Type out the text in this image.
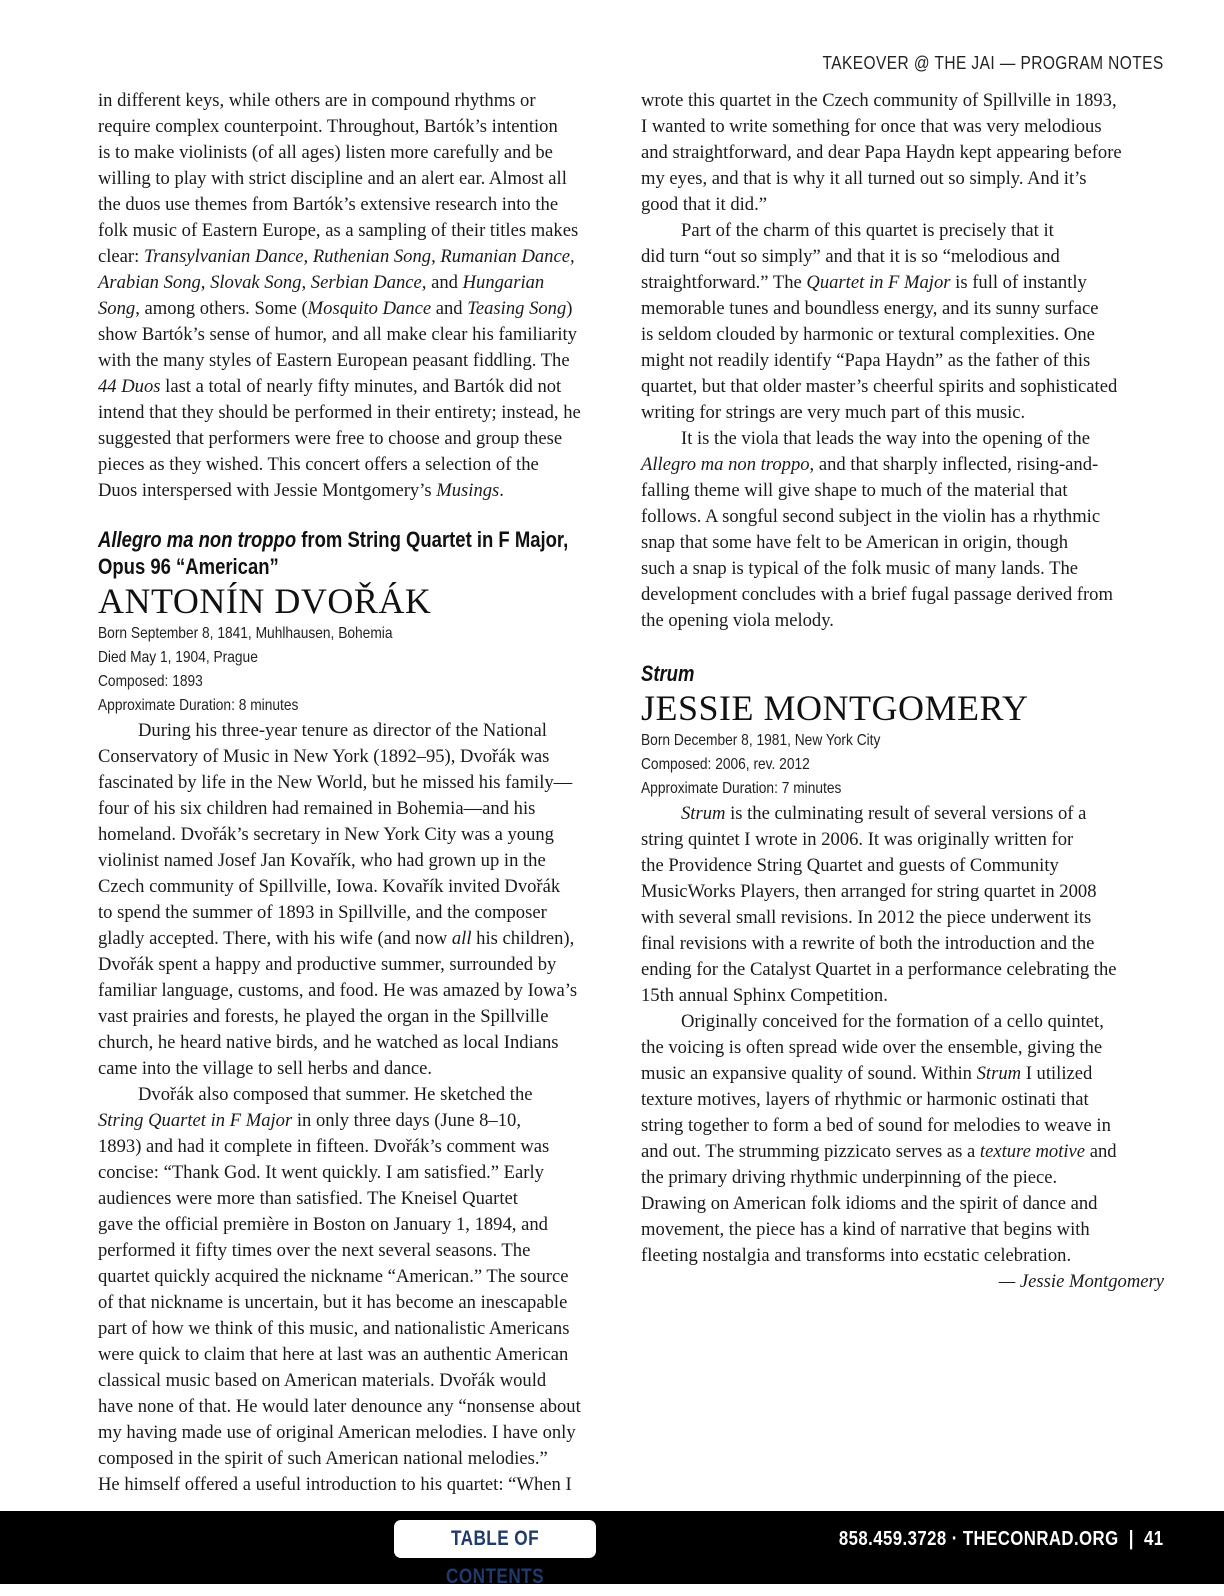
TAKEOVER @ THE JAI — PROGRAM NOTES

in different keys, while others are in compound rhythms or
require complex counterpoint. Throughout, Bartók’s intention
is to make violinists (of all ages) listen more carefully and be
willing to play with strict discipline and an alert ear. Almost all
the duos use themes from Bartók’s extensive research into the
folk music of Eastern Europe, as a sampling of their titles makes
clear: Transylvanian Dance, Ruthenian Song, Rumanian Dance,
Arabian Song, Slovak Song, Serbian Dance, and Hungarian
Song, among others. Some (Mosquito Dance and Teasing Song)
show Bartók’s sense of humor, and all make clear his familiarity
with the many styles of Eastern European peasant fiddling. The
44 Duos last a total of nearly fifty minutes, and Bartók did not
intend that they should be performed in their entirety; instead, he
suggested that performers were free to choose and group these
pieces as they wished. This concert offers a selection of the
Duos interspersed with Jessie Montgomery’s Musings.

Allegro ma non troppo from String Quartet in F Major,
Opus 96 “American”
ANTONÍN DVOŘÁK
Born September 8, 1841, Muhlhausen, Bohemia
Died May 1, 1904, Prague
Composed: 1893
Approximate Duration: 8 minutes

During his three-year tenure as director of the National
Conservatory of Music in New York (1892–95), Dvořák was
fascinated by life in the New World, but he missed his family—
four of his six children had remained in Bohemia—and his
homeland. Dvořák’s secretary in New York City was a young
violinist named Josef Jan Kovařík, who had grown up in the
Czech community of Spillville, Iowa. Kovařík invited Dvořák
to spend the summer of 1893 in Spillville, and the composer
gladly accepted. There, with his wife (and now all his children),
Dvořák spent a happy and productive summer, surrounded by
familiar language, customs, and food. He was amazed by Iowa’s
vast prairies and forests, he played the organ in the Spillville
church, he heard native birds, and he watched as local Indians
came into the village to sell herbs and dance.

Dvořák also composed that summer. He sketched the
String Quartet in F Major in only three days (June 8–10,
1893) and had it complete in fifteen. Dvořák’s comment was
concise: “Thank God. It went quickly. I am satisfied.” Early
audiences were more than satisfied. The Kneisel Quartet
gave the official première in Boston on January 1, 1894, and
performed it fifty times over the next several seasons. The
quartet quickly acquired the nickname “American.” The source
of that nickname is uncertain, but it has become an inescapable
part of how we think of this music, and nationalistic Americans
were quick to claim that here at last was an authentic American
classical music based on American materials. Dvořák would
have none of that. He would later denounce any “nonsense about
my having made use of original American melodies. I have only
composed in the spirit of such American national melodies.”
He himself offered a useful introduction to his quartet: “When I

wrote this quartet in the Czech community of Spillville in 1893,
I wanted to write something for once that was very melodious
and straightforward, and dear Papa Haydn kept appearing before
my eyes, and that is why it all turned out so simply. And it’s
good that it did.”

Part of the charm of this quartet is precisely that it
did turn “out so simply” and that it is so “melodious and
straightforward.” The Quartet in F Major is full of instantly
memorable tunes and boundless energy, and its sunny surface
is seldom clouded by harmonic or textural complexities. One
might not readily identify “Papa Haydn” as the father of this
quartet, but that older master’s cheerful spirits and sophisticated
writing for strings are very much part of this music.

It is the viola that leads the way into the opening of the
Allegro ma non troppo, and that sharply inflected, rising-and-
falling theme will give shape to much of the material that
follows. A songful second subject in the violin has a rhythmic
snap that some have felt to be American in origin, though
such a snap is typical of the folk music of many lands. The
development concludes with a brief fugal passage derived from
the opening viola melody.

Strum
JESSIE MONTGOMERY
Born December 8, 1981, New York City
Composed: 2006, rev. 2012
Approximate Duration: 7 minutes

Strum is the culminating result of several versions of a
string quintet I wrote in 2006. It was originally written for
the Providence String Quartet and guests of Community
MusicWorks Players, then arranged for string quartet in 2008
with several small revisions. In 2012 the piece underwent its
final revisions with a rewrite of both the introduction and the
ending for the Catalyst Quartet in a performance celebrating the
15th annual Sphinx Competition.

Originally conceived for the formation of a cello quintet,
the voicing is often spread wide over the ensemble, giving the
music an expansive quality of sound. Within Strum I utilized
texture motives, layers of rhythmic or harmonic ostinati that
string together to form a bed of sound for melodies to weave in
and out. The strumming pizzicato serves as a texture motive and
the primary driving rhythmic underpinning of the piece.
Drawing on American folk idioms and the spirit of dance and
movement, the piece has a kind of narrative that begins with
fleeting nostalgia and transforms into ecstatic celebration.

— Jessie Montgomery
TABLE OF CONTENTS
858.459.3728 · THECONRAD.ORG | 41
